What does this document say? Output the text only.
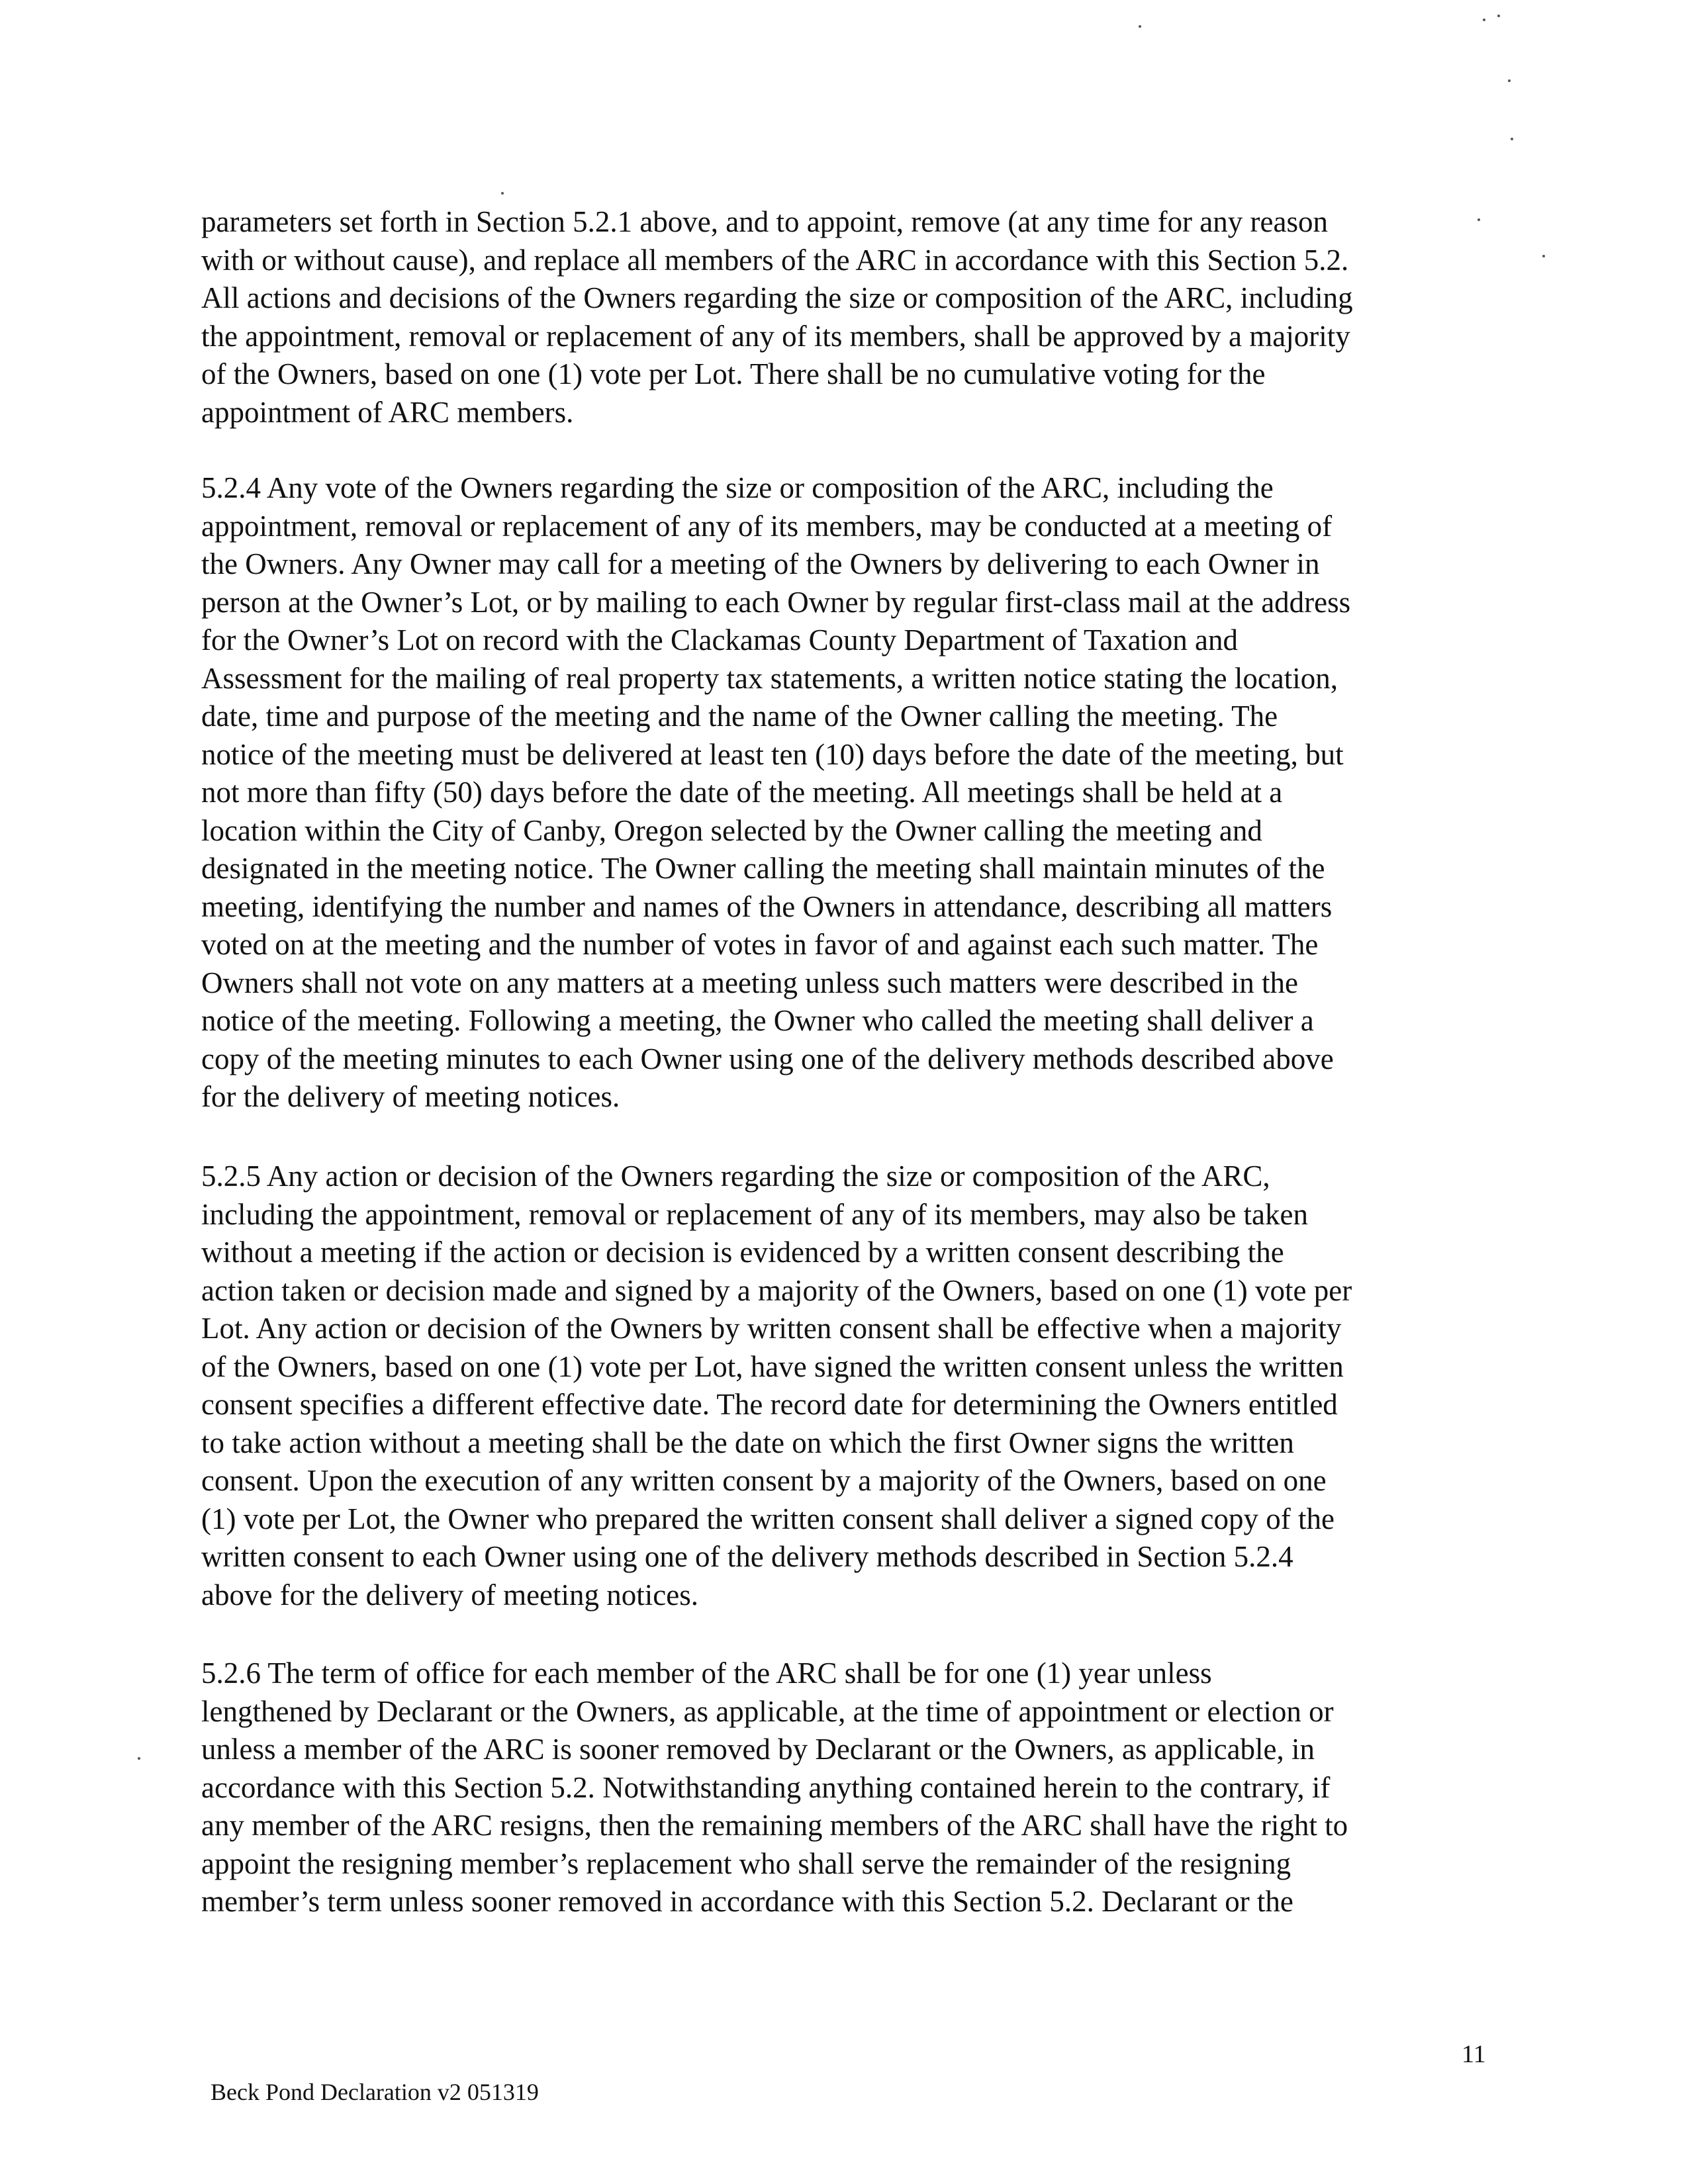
parameters set forth in Section 5.2.1 above, and to appoint, remove (at any time for any reason
with or without cause), and replace all members of the ARC in accordance with this Section 5.2.
All actions and decisions of the Owners regarding the size or composition of the ARC, including
the appointment, removal or replacement of any of its members, shall be approved by a majority
of the Owners, based on one (1) vote per Lot. There shall be no cumulative voting for the
appointment of ARC members.
5.2.4 Any vote of the Owners regarding the size or composition of the ARC, including the
appointment, removal or replacement of any of its members, may be conducted at a meeting of
the Owners. Any Owner may call for a meeting of the Owners by delivering to each Owner in
person at the Owner’s Lot, or by mailing to each Owner by regular first-class mail at the address
for the Owner’s Lot on record with the Clackamas County Department of Taxation and
Assessment for the mailing of real property tax statements, a written notice stating the location,
date, time and purpose of the meeting and the name of the Owner calling the meeting. The
notice of the meeting must be delivered at least ten (10) days before the date of the meeting, but
not more than fifty (50) days before the date of the meeting. All meetings shall be held at a
location within the City of Canby, Oregon selected by the Owner calling the meeting and
designated in the meeting notice. The Owner calling the meeting shall maintain minutes of the
meeting, identifying the number and names of the Owners in attendance, describing all matters
voted on at the meeting and the number of votes in favor of and against each such matter. The
Owners shall not vote on any matters at a meeting unless such matters were described in the
notice of the meeting. Following a meeting, the Owner who called the meeting shall deliver a
copy of the meeting minutes to each Owner using one of the delivery methods described above
for the delivery of meeting notices.
5.2.5 Any action or decision of the Owners regarding the size or composition of the ARC,
including the appointment, removal or replacement of any of its members, may also be taken
without a meeting if the action or decision is evidenced by a written consent describing the
action taken or decision made and signed by a majority of the Owners, based on one (1) vote per
Lot. Any action or decision of the Owners by written consent shall be effective when a majority
of the Owners, based on one (1) vote per Lot, have signed the written consent unless the written
consent specifies a different effective date. The record date for determining the Owners entitled
to take action without a meeting shall be the date on which the first Owner signs the written
consent. Upon the execution of any written consent by a majority of the Owners, based on one
(1) vote per Lot, the Owner who prepared the written consent shall deliver a signed copy of the
written consent to each Owner using one of the delivery methods described in Section 5.2.4
above for the delivery of meeting notices.
5.2.6 The term of office for each member of the ARC shall be for one (1) year unless
lengthened by Declarant or the Owners, as applicable, at the time of appointment or election or
unless a member of the ARC is sooner removed by Declarant or the Owners, as applicable, in
accordance with this Section 5.2. Notwithstanding anything contained herein to the contrary, if
any member of the ARC resigns, then the remaining members of the ARC shall have the right to
appoint the resigning member’s replacement who shall serve the remainder of the resigning
member’s term unless sooner removed in accordance with this Section 5.2. Declarant or the
11
Beck Pond Declaration v2 051319
